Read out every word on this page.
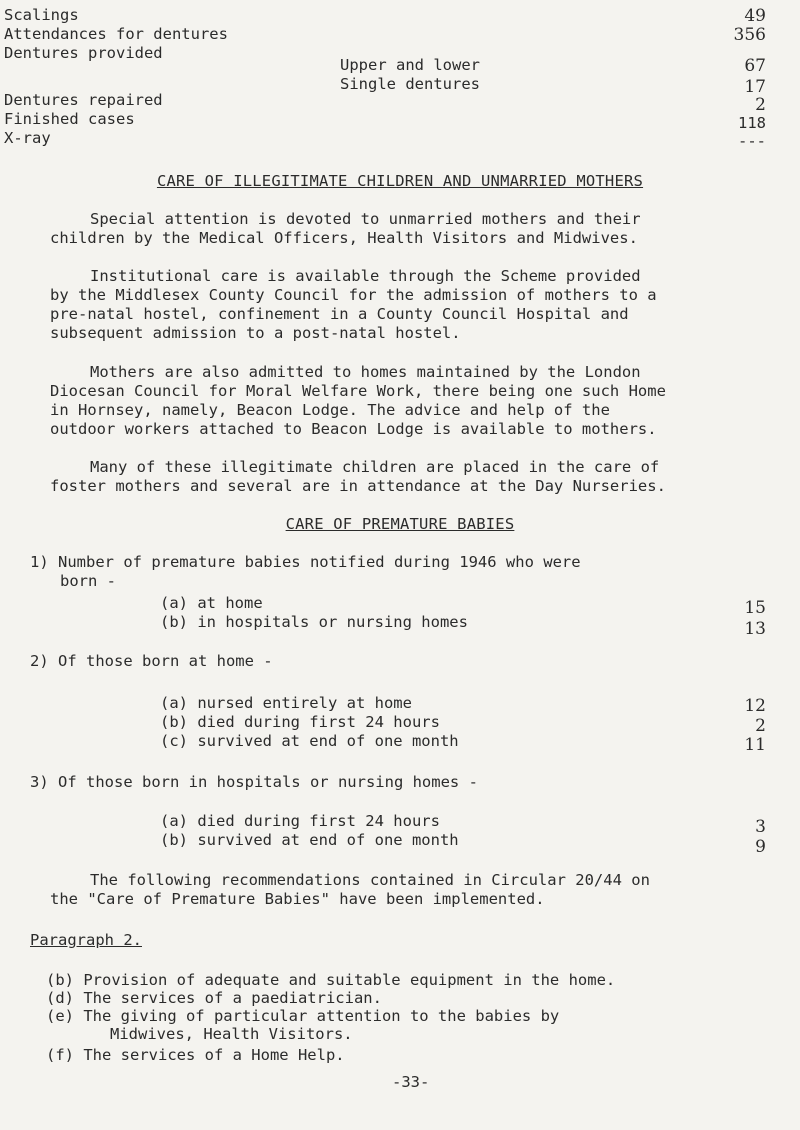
Scalings	49
Attendances for dentures	356
Dentures provided
Upper and lower	67
Single dentures	17
Dentures repaired	2
Finished cases	118
X-ray	---
CARE OF ILLEGITIMATE CHILDREN AND UNMARRIED MOTHERS
Special attention is devoted to unmarried mothers and their
children by the Medical Officers, Health Visitors and Midwives.
Institutional care is available through the Scheme provided
by the Middlesex County Council for the admission of mothers to a
pre-natal hostel, confinement in a County Council Hospital and
subsequent admission to a post-natal hostel.
Mothers are also admitted to homes maintained by the London
Diocesan Council for Moral Welfare Work, there being one such Home
in Hornsey, namely, Beacon Lodge. The advice and help of the
outdoor workers attached to Beacon Lodge is available to mothers.
Many of these illegitimate children are placed in the care of
foster mothers and several are in attendance at the Day Nurseries.
CARE OF PREMATURE BABIES
1) Number of premature babies notified during 1946 who were
born -
(a) at home	15
(b) in hospitals or nursing homes	13
2) Of those born at home -
(a) nursed entirely at home	12
(b) died during first 24 hours	2
(c) survived at end of one month	11
3) Of those born in hospitals or nursing homes -
(a) died during first 24 hours	3
(b) survived at end of one month	9
The following recommendations contained in Circular 20/44 on
the "Care of Premature Babies" have been implemented.
Paragraph 2.
(b) Provision of adequate and suitable equipment in the home.
(d) The services of a paediatrician.
(e) The giving of particular attention to the babies by
Midwives, Health Visitors.
(f) The services of a Home Help.
-33-
